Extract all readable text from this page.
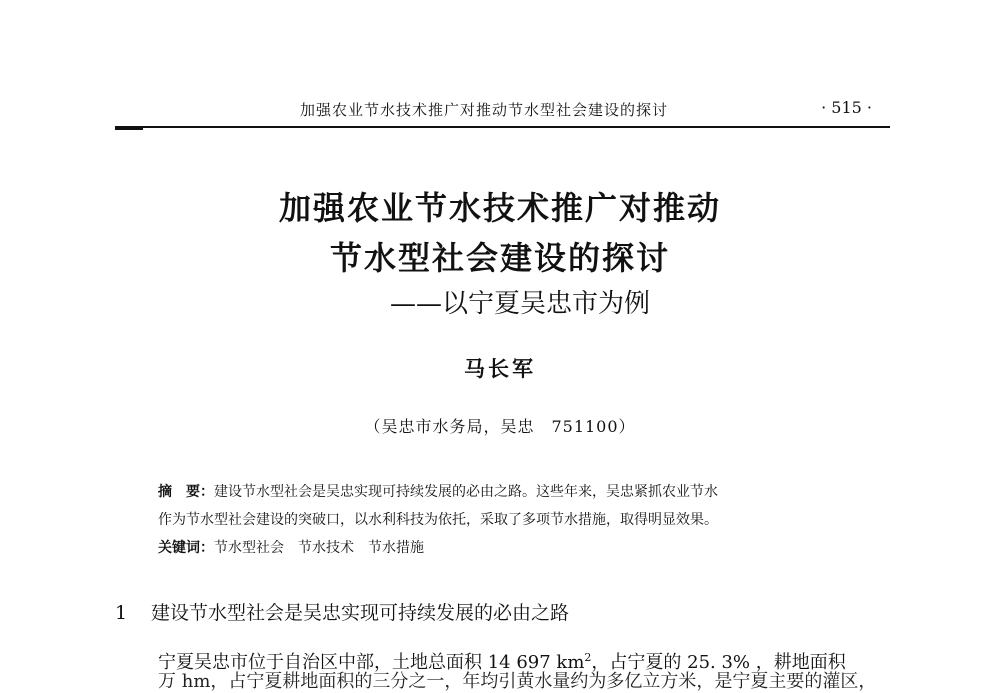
加强农业节水技术推广对推动节水型社会建设的探讨	· 515 ·
加强农业节水技术推广对推动
节水型社会建设的探讨
——以宁夏吴忠市为例
马长军
（吴忠市水务局，吴忠　751100）

摘　要：建设节水型社会是吴忠实现可持续发展的必由之路。这些年来，吴忠紧抓农业节水

作为节水型社会建设的突破口，以水利科技为依托，采取了多项节水措施，取得明显效果。

关键词：节水型社会　节水技术　节水措施

1 建设节水型社会是吴忠实现可持续发展的必由之路
宁夏吴忠市位于自治区中部，土地总面积 14 697 $km^2$，占宁夏的 25. 3% ，耕地面积
万 hm，占宁夏耕地面积的三分之一，年均引黄水量约为多亿立方米，是宁夏主要的灌区，
